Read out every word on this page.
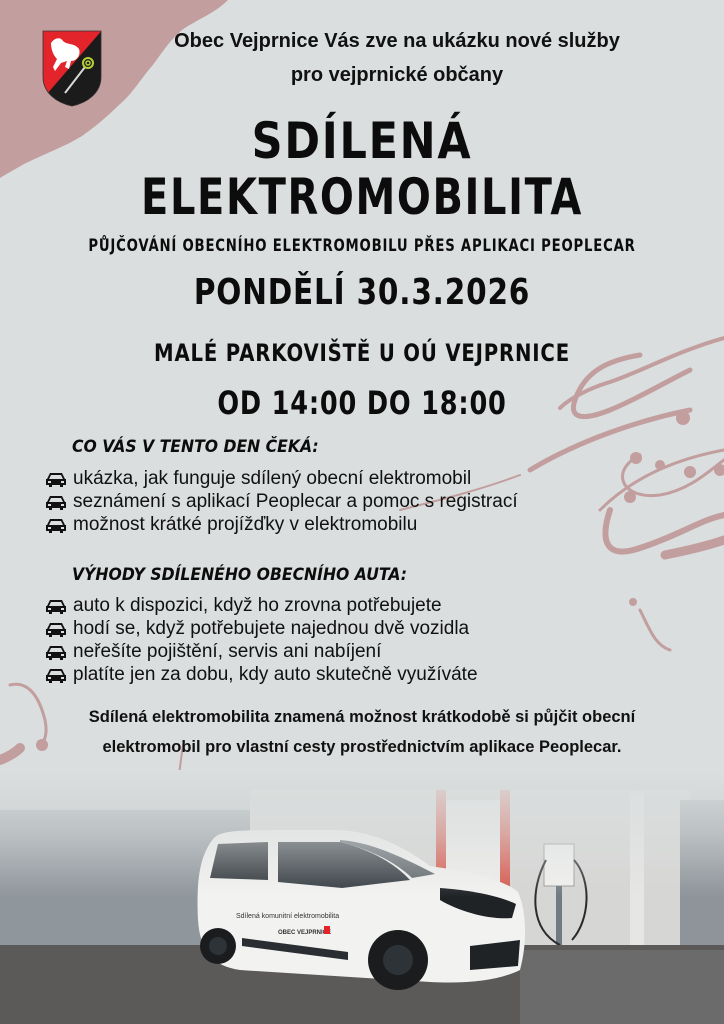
Obec Vejprnice Vás zve na ukázku nové služby
pro vejprnické občany
SDÍLENÁ
ELEKTROMOBILITA
PŮJČOVÁNÍ OBECNÍHO ELEKTROMOBILU PŘES APLIKACI PEOPLECAR
PONDĚLÍ 30.3.2026
MALÉ PARKOVIŠTĚ U OÚ VEJPRNICE
OD 14:00 DO 18:00
CO VÁS V TENTO DEN ČEKÁ:
ukázka, jak funguje sdílený obecní elektromobil
seznámení s aplikací Peoplecar a pomoc s registrací
možnost krátké projížďky v elektromobilu
VÝHODY SDÍLENÉHO OBECNÍHO AUTA:
auto k dispozici, když ho zrovna potřebujete
hodí se, když potřebujete najednou dvě vozidla
neřešíte pojištění, servis ani nabíjení
platíte jen za dobu, kdy auto skutečně využíváte
Sdílená elektromobilita znamená možnost krátkodobě si půjčit obecní
elektromobil pro vlastní cesty prostřednictvím aplikace Peoplecar.
